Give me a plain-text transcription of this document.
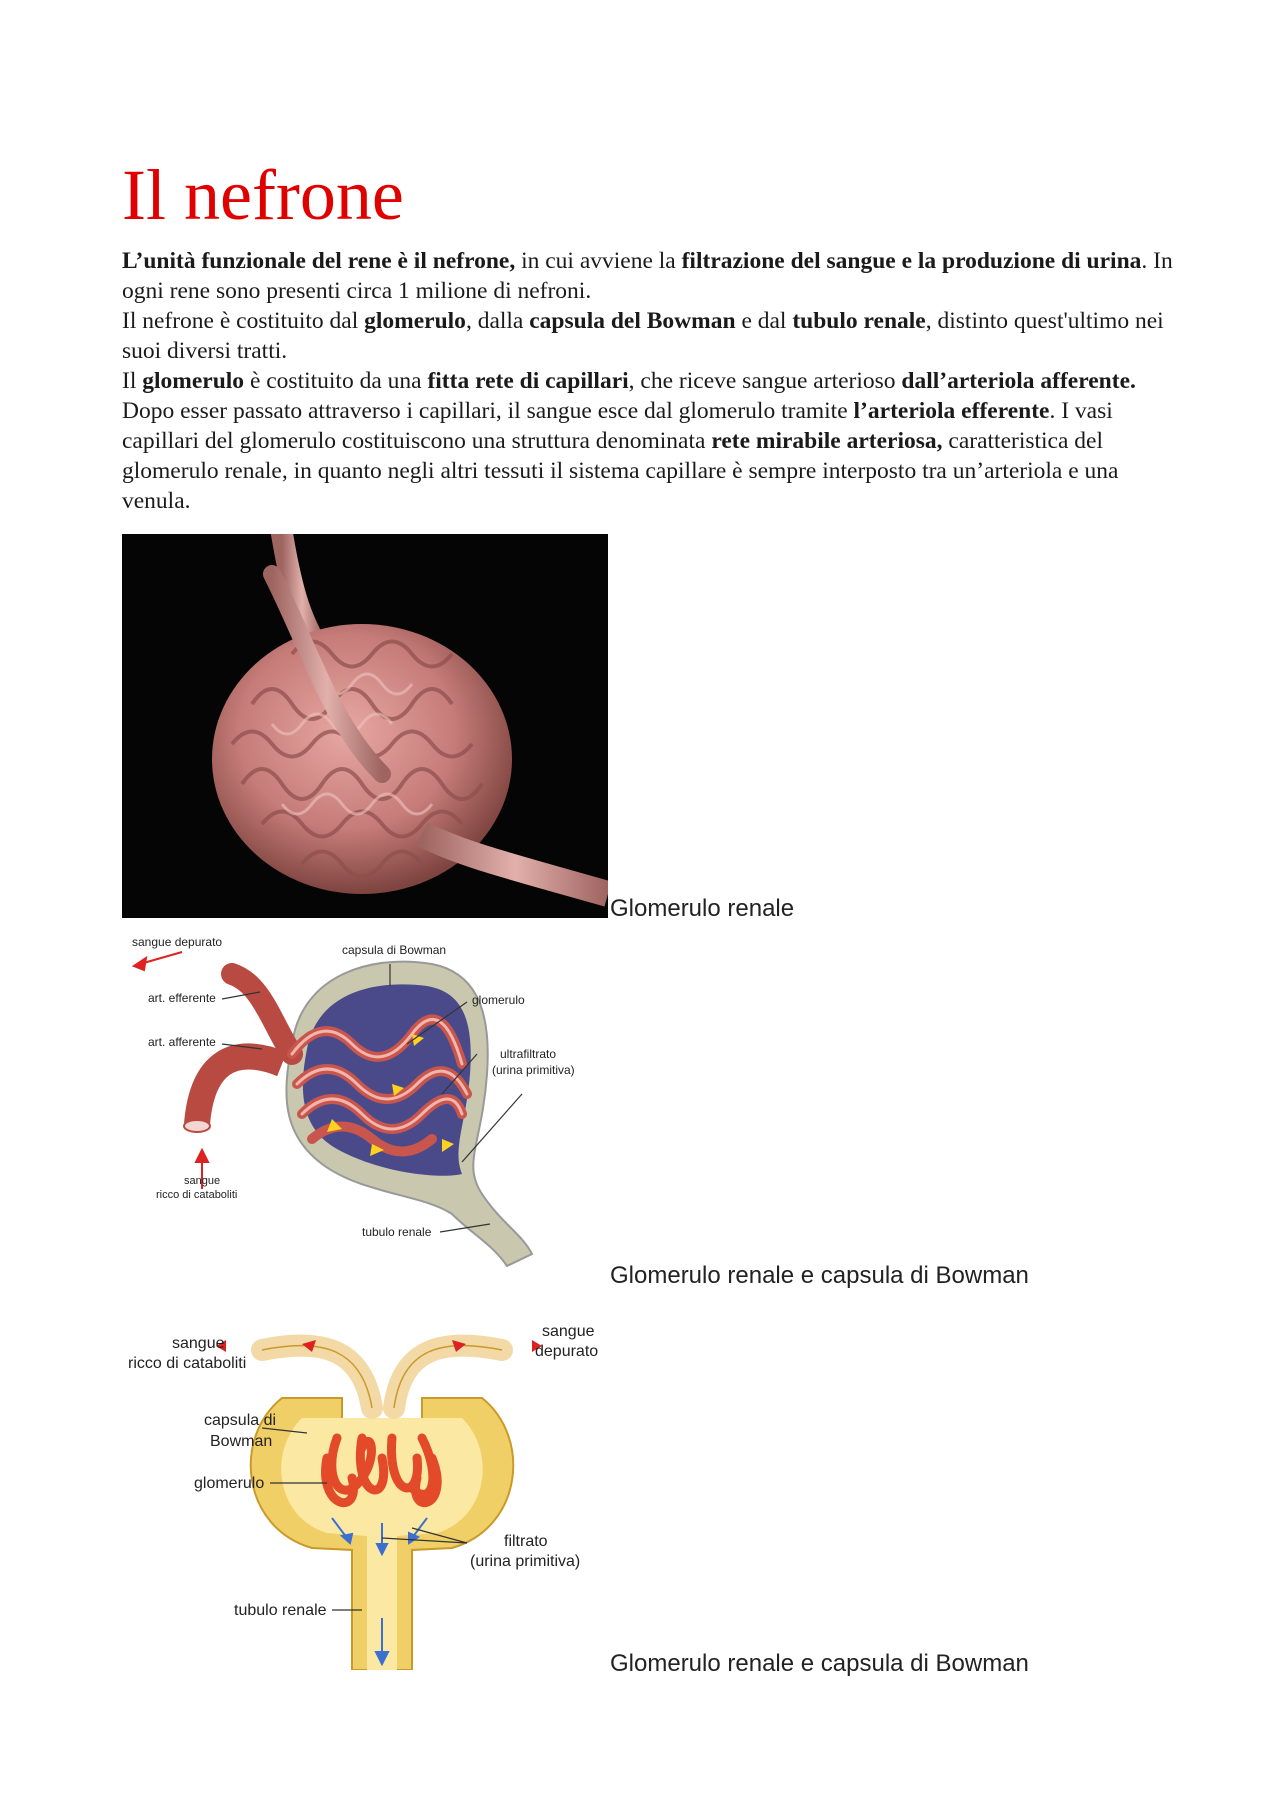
Il nefrone

L’unità funzionale del rene è il nefrone, in cui avviene la filtrazione del sangue e la produzione di urina. In ogni rene sono presenti circa 1 milione di nefroni.

Il nefrone è costituito dal glomerulo, dalla capsula del Bowman e dal tubulo renale, distinto quest'ultimo nei suoi diversi tratti.

Il glomerulo è costituito da una fitta rete di capillari, che riceve sangue arterioso dall’arteriola afferente. Dopo esser passato attraverso i capillari, il sangue esce dal glomerulo tramite l’arteriola efferente. I vasi capillari del glomerulo costituiscono una struttura denominata rete mirabile arteriosa, caratteristica del glomerulo renale, in quanto negli altri tessuti il sistema capillare è sempre interposto tra un’arteriola e una venula.

Glomerulo renale
sangue depurato
capsula di Bowman
art. efferente	glomerulo
art. afferente
ultrafiltrato
(urina primitiva)
sangue
ricco di cataboliti
tubulo renale
Glomerulo renale e capsula di Bowman
sangue
ricco di cataboliti
sangue
depurato
capsula di
Bowman
glomerulo
filtrato
(urina primitiva)
tubulo renale
Glomerulo renale e capsula di Bowman
